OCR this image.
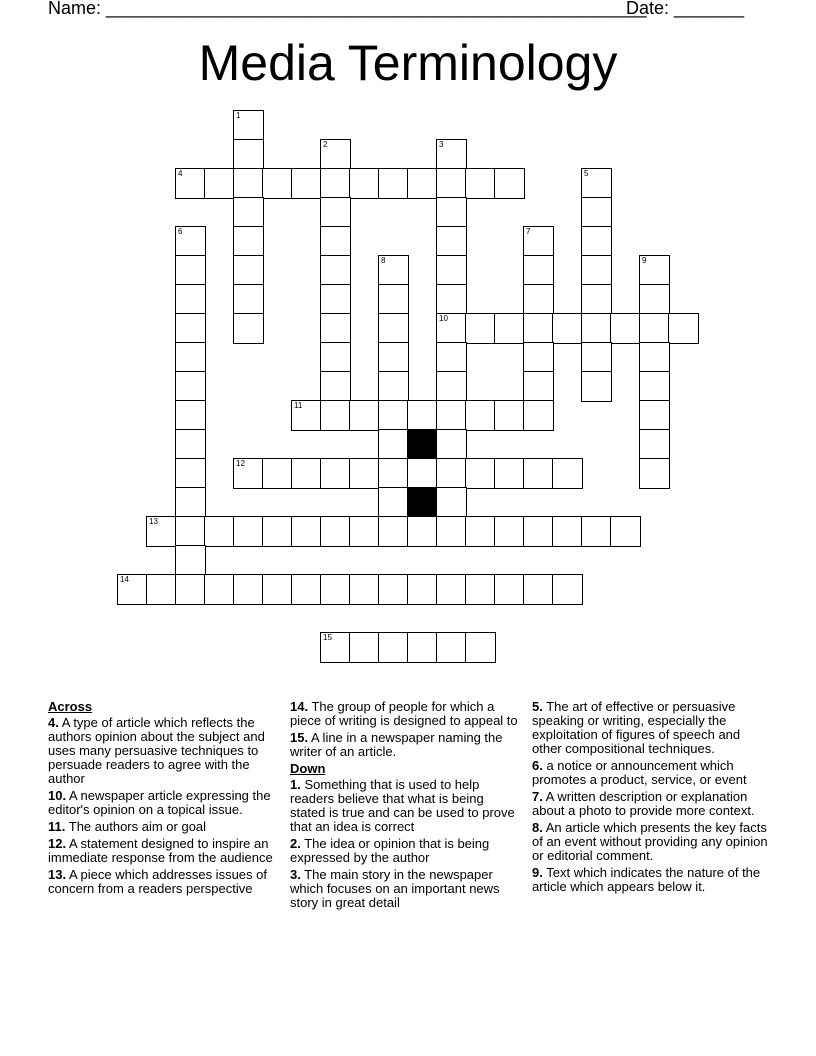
Name: ______________________________________________________
Date: _______
Media Terminology
1
2	3
4	5
6	7
8	9
10
11
12
13
14
15
Across
4. A type of article which reflects the authors opinion about the subject and uses many persuasive techniques to persuade readers to agree with the author
10. A newspaper article expressing the editor's opinion on a topical issue.
11. The authors aim or goal
12. A statement designed to inspire an immediate response from the audience
13. A piece which addresses issues of concern from a readers perspective
14. The group of people for which a piece of writing is designed to appeal to
15. A line in a newspaper naming the writer of an article.
Down
1. Something that is used to help readers believe that what is being stated is true and can be used to prove that an idea is correct
2. The idea or opinion that is being expressed by the author
3. The main story in the newspaper which focuses on an important news story in great detail
5. The art of effective or persuasive speaking or writing, especially the exploitation of figures of speech and other compositional techniques.
6. a notice or announcement which promotes a product, service, or event
7. A written description or explanation about a photo to provide more context.
8. An article which presents the key facts of an event without providing any opinion or editorial comment.
9. Text which indicates the nature of the article which appears below it.
